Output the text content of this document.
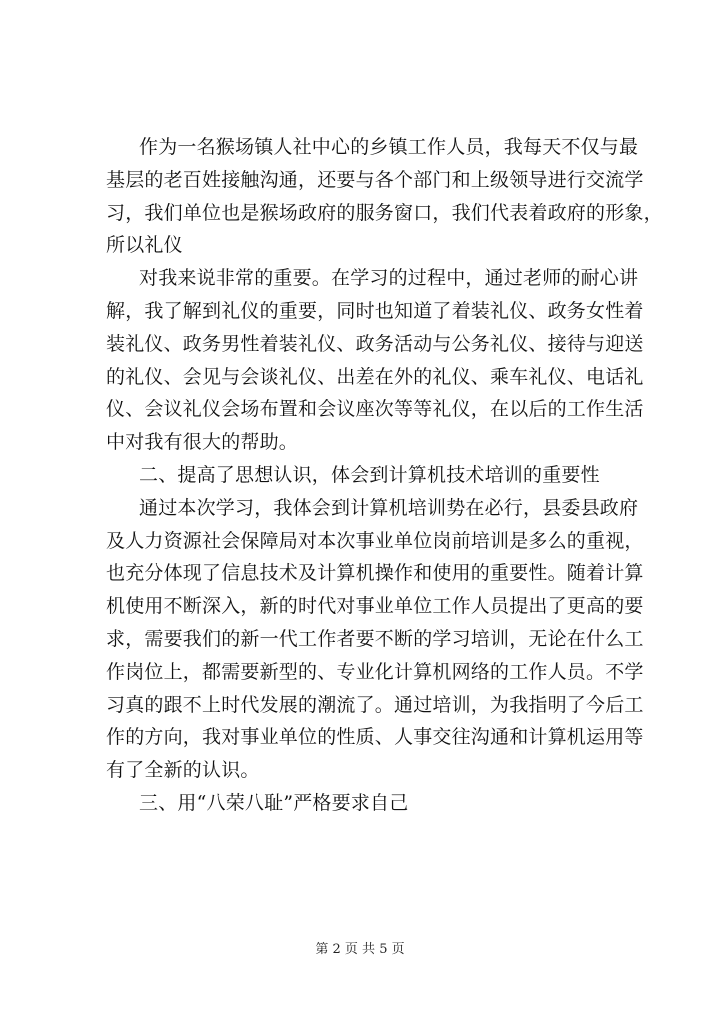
作为一名猴场镇人社中心的乡镇工作人员，我每天不仅与最
基层的老百姓接触沟通，还要与各个部门和上级领导进行交流学
习，我们单位也是猴场政府的服务窗口，我们代表着政府的形象，
所以礼仪

对我来说非常的重要。在学习的过程中，通过老师的耐心讲
解，我了解到礼仪的重要，同时也知道了着装礼仪、政务女性着
装礼仪、政务男性着装礼仪、政务活动与公务礼仪、接待与迎送
的礼仪、会见与会谈礼仪、出差在外的礼仪、乘车礼仪、电话礼
仪、会议礼仪会场布置和会议座次等等礼仪，在以后的工作生活
中对我有很大的帮助。

二、提高了思想认识，体会到计算机技术培训的重要性

通过本次学习，我体会到计算机培训势在必行，县委县政府
及人力资源社会保障局对本次事业单位岗前培训是多么的重视，
也充分体现了信息技术及计算机操作和使用的重要性。随着计算
机使用不断深入，新的时代对事业单位工作人员提出了更高的要
求，需要我们的新一代工作者要不断的学习培训，无论在什么工
作岗位上，都需要新型的、专业化计算机网络的工作人员。不学
习真的跟不上时代发展的潮流了。通过培训，为我指明了今后工
作的方向，我对事业单位的性质、人事交往沟通和计算机运用等
有了全新的认识。

三、用“八荣八耻”严格要求自己

第 2 页 共 5 页
